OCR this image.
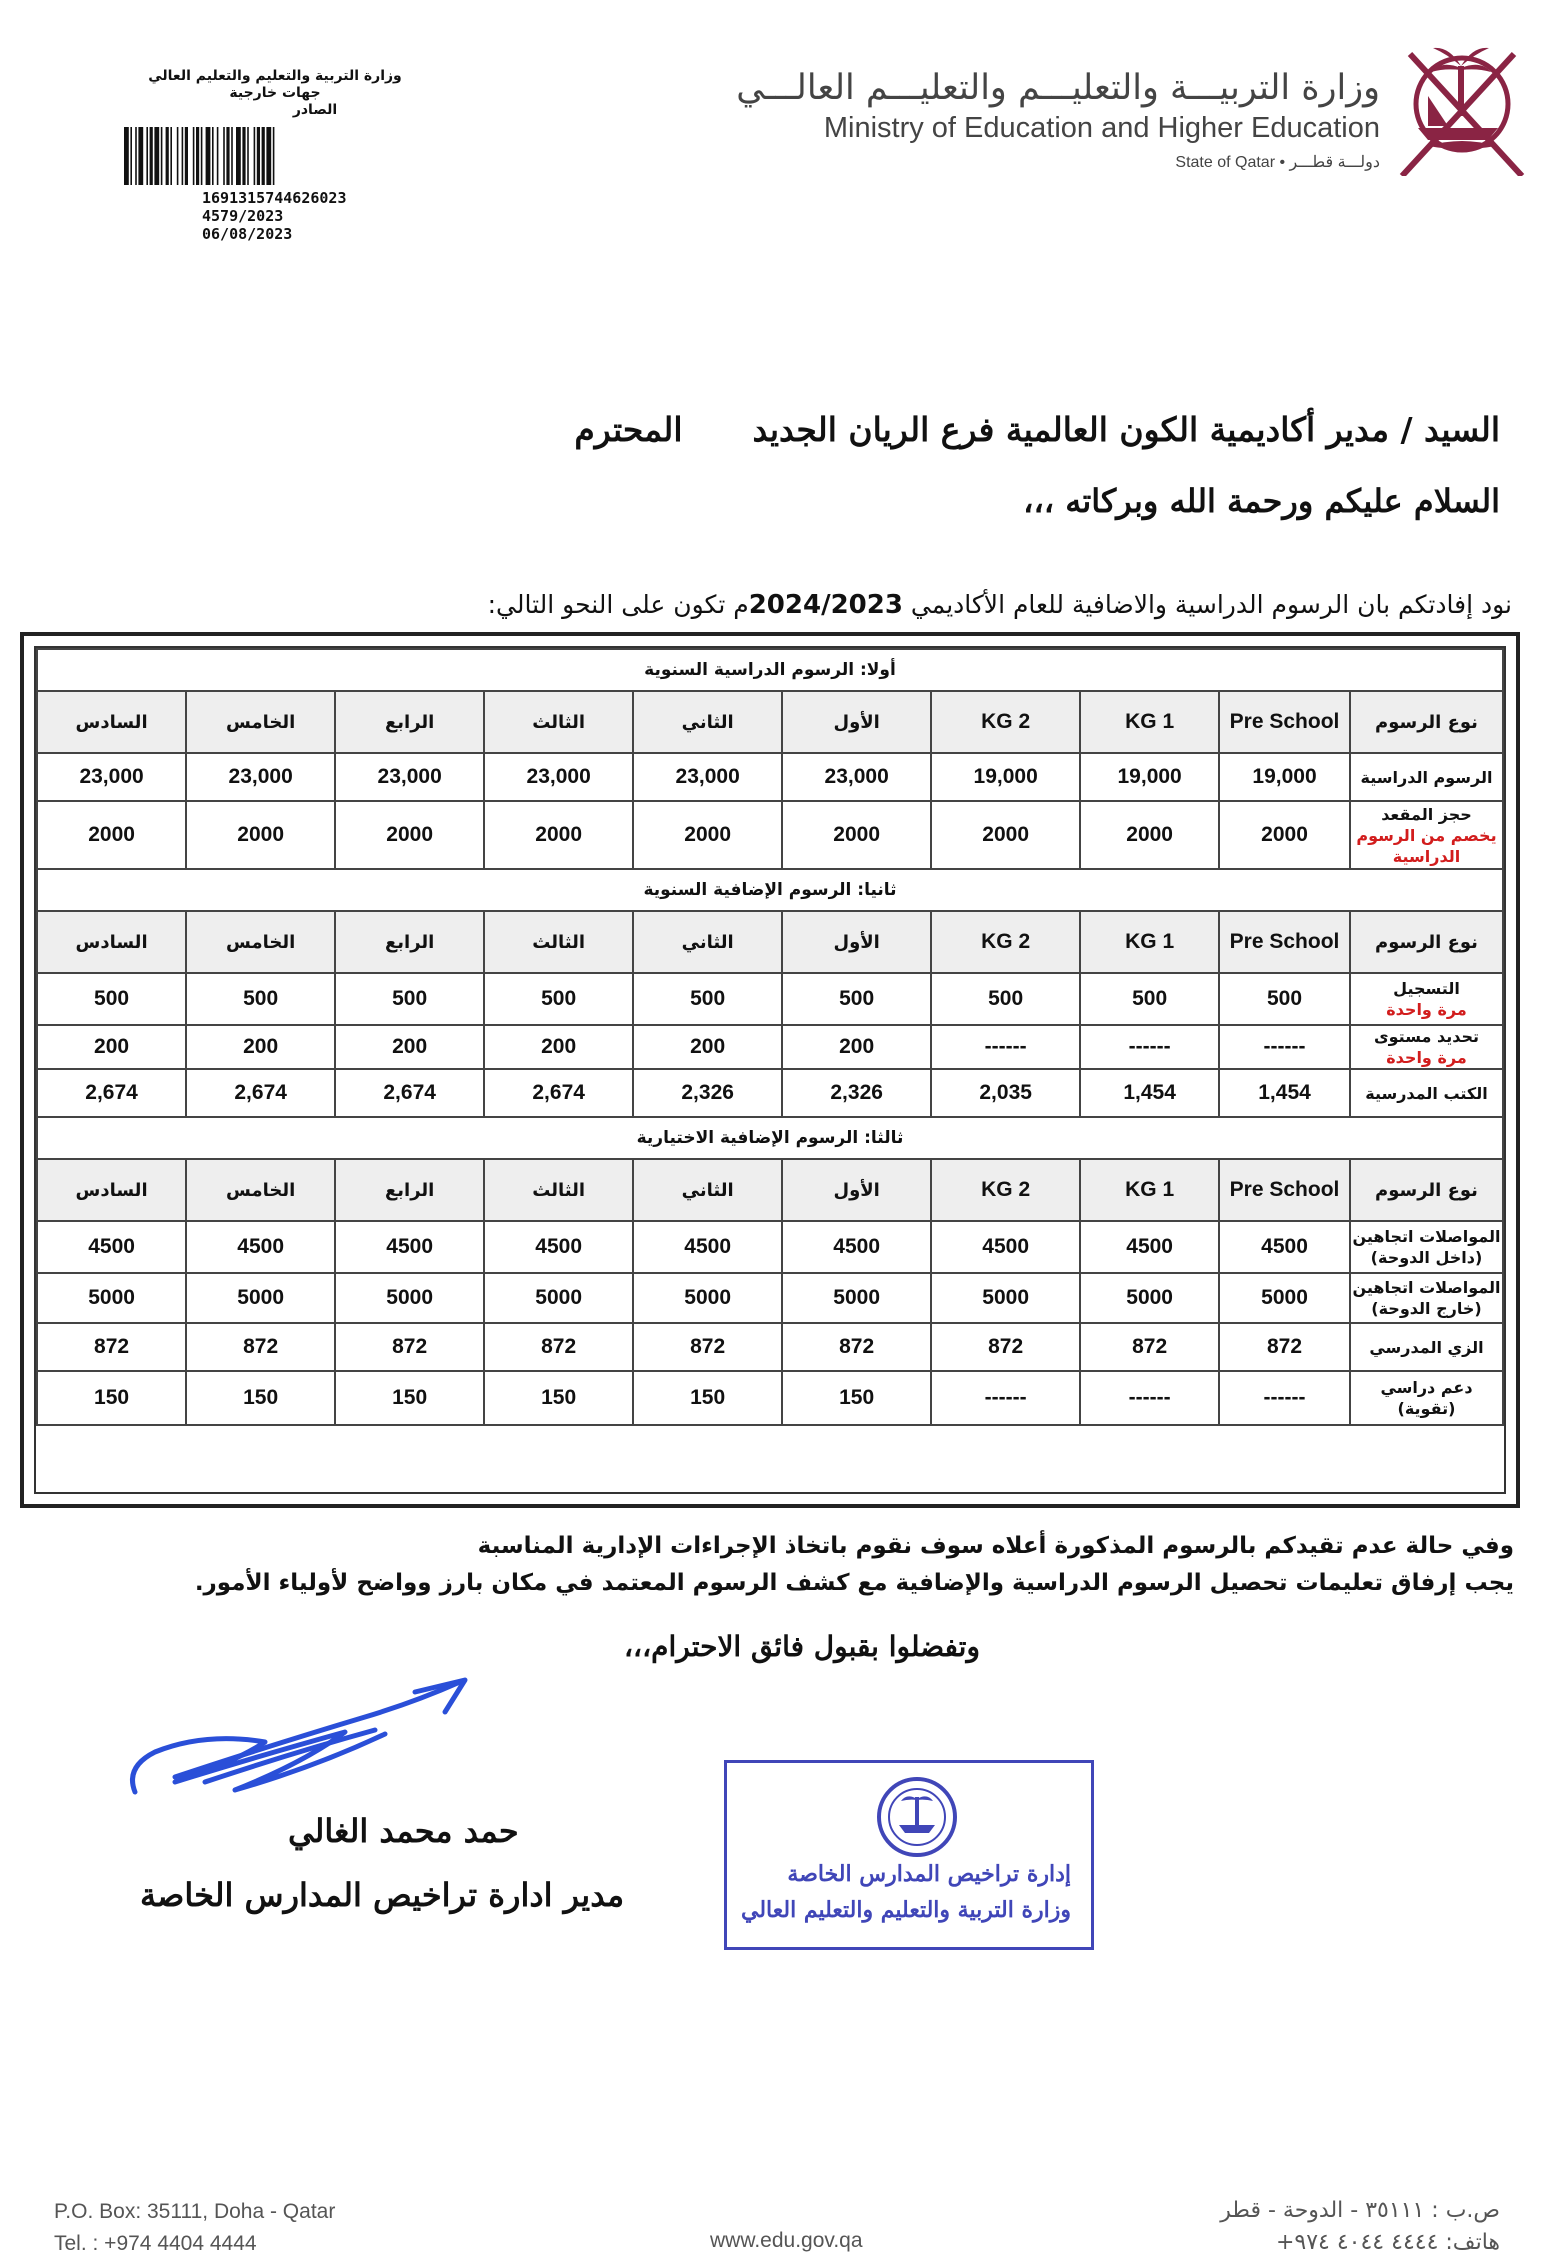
وزارة التربية والتعليم والتعليم العالي
جهات خارجية
الصادر
1691315744626023
4579/2023
06/08/2023
وزارة التربيـــة والتعليـــم والتعليـــم العالـــي
Ministry of Education and Higher Education
State of Qatar • دولـــة قطـــر
السيد / مدير أكاديمية الكون العالمية فرع الريان الجديدالمحترم
السلام عليكم ورحمة الله وبركاته ،،،
نود إفادتكم بان الرسوم الدراسية والاضافية للعام الأكاديمي 2024/2023م تكون على النحو التالي:
أولا: الرسوم الدراسية السنوية									
نوع الرسوم	Pre School	KG 1	KG 2	الأول	الثاني	الثالث	الرابع	الخامس	السادس

الرسوم الدراسية	19,000	19,000	19,000	23,000	23,000	23,000	23,000	23,000	23,000

حجز المقعد
يخصم من الرسوم الدراسية	2000	2000	2000	2000	2000	2000	2000	2000	2000
ثانيا: الرسوم الإضافية السنوية									
نوع الرسوم	Pre School	KG 1	KG 2	الأول	الثاني	الثالث	الرابع	الخامس	السادس

التسجيل
مرة واحدة	500	500	500	500	500	500	500	500	500

تحديد مستوى
مرة واحدة	------	------	------	200	200	200	200	200	200

الكتب المدرسية	1,454	1,454	2,035	2,326	2,326	2,674	2,674	2,674	2,674
ثالثا: الرسوم الإضافية الاختيارية									
نوع الرسوم	Pre School	KG 1	KG 2	الأول	الثاني	الثالث	الرابع	الخامس	السادس

المواصلات اتجاهين
(داخل الدوحة)	4500	4500	4500	4500	4500	4500	4500	4500	4500

المواصلات اتجاهين
(خارج الدوحة)	5000	5000	5000	5000	5000	5000	5000	5000	5000

الزي المدرسي	872	872	872	872	872	872	872	872	872

دعم دراسي (تقوية)	------	------	------	150	150	150	150	150	150
وفي حالة عدم تقيدكم بالرسوم المذكورة أعلاه سوف نقوم باتخاذ الإجراءات الإدارية المناسبة
يجب إرفاق تعليمات تحصيل الرسوم الدراسية والإضافية مع كشف الرسوم المعتمد في مكان بارز وواضح لأولياء الأمور.
وتفضلوا بقبول فائق الاحترام،،،
حمد محمد الغالي
مدير ادارة تراخيص المدارس الخاصة
إدارة تراخيص المدارس الخاصة
وزارة التربية والتعليم والتعليم العالي
P.O. Box: 35111, Doha - Qatar
Tel. : +974 4404 4444	www.edu.gov.qa
ص.ب : ٣٥١١١ - الدوحة - قطر
هاتف: ٤٤٤٤ ٤٠٤٤ ٩٧٤+
